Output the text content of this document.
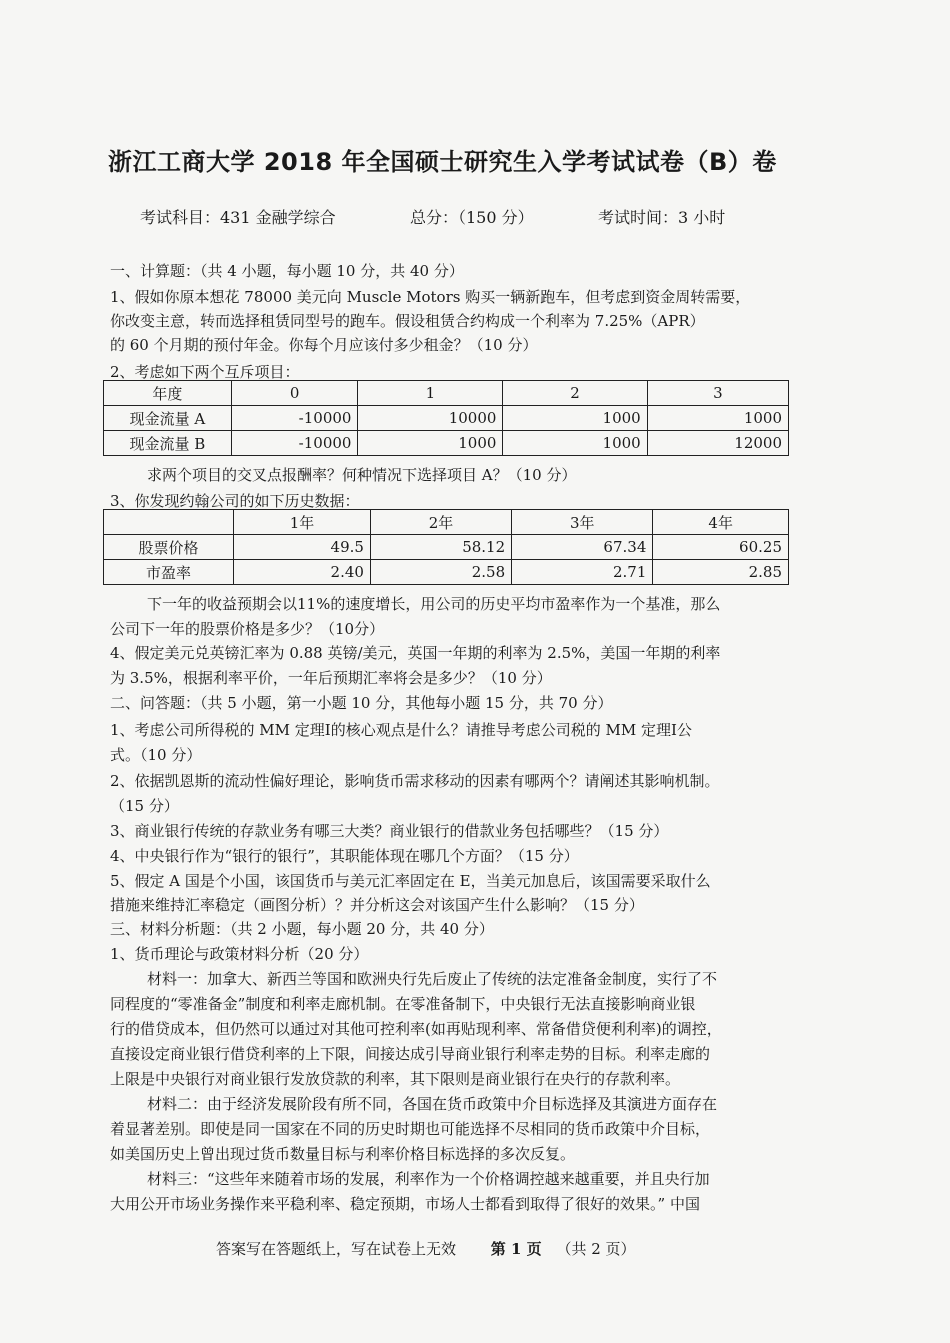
浙江工商大学 2018 年全国硕士研究生入学考试试卷（B）卷
考试科目：431 金融学综合	总分：（150 分）	考试时间：3 小时
一、计算题：（共 4 小题，每小题 10 分，共 40 分）
1、假如你原本想花 78000 美元向 Muscle Motors 购买一辆新跑车，但考虑到资金周转需要，
你改变主意，转而选择租赁同型号的跑车。假设租赁合约构成一个利率为 7.25%（APR）
的 60 个月期的预付年金。你每个月应该付多少租金？（10 分）
2、考虑如下两个互斥项目：
年度	0	1	2	3
现金流量 A	-10000	10000	1000	1000
现金流量 B	-10000	1000	1000	12000
求两个项目的交叉点报酬率？何种情况下选择项目 A？（10 分）
3、你发现约翰公司的如下历史数据：
	1年	2年	3年	4年
股票价格	49.5	58.12	67.34	60.25
市盈率	2.40	2.58	2.71	2.85
下一年的收益预期会以11%的速度增长，用公司的历史平均市盈率作为一个基准，那么
公司下一年的股票价格是多少？（10分）
4、假定美元兑英镑汇率为 0.88 英镑/美元，英国一年期的利率为 2.5%，美国一年期的利率
为 3.5%，根据利率平价，一年后预期汇率将会是多少？（10 分）
二、问答题：（共 5 小题，第一小题 10 分，其他每小题 15 分，共 70 分）
1、考虑公司所得税的 MM 定理Ⅰ的核心观点是什么？请推导考虑公司税的 MM 定理Ⅰ公
式。（10 分）
2、依据凯恩斯的流动性偏好理论，影响货币需求移动的因素有哪两个？请阐述其影响机制。
（15 分）
3、商业银行传统的存款业务有哪三大类？商业银行的借款业务包括哪些？（15 分）
4、中央银行作为“银行的银行”，其职能体现在哪几个方面？（15 分）
5、假定 A 国是个小国，该国货币与美元汇率固定在 E，当美元加息后，该国需要采取什么
措施来维持汇率稳定（画图分析）？并分析这会对该国产生什么影响？（15 分）
三、材料分析题：（共 2 小题，每小题 20 分，共 40 分）
1、货币理论与政策材料分析（20 分）
材料一：加拿大、新西兰等国和欧洲央行先后废止了传统的法定准备金制度，实行了不
同程度的“零准备金”制度和利率走廊机制。在零准备制下，中央银行无法直接影响商业银
行的借贷成本，但仍然可以通过对其他可控利率(如再贴现利率、常备借贷便利利率)的调控，
直接设定商业银行借贷利率的上下限，间接达成引导商业银行利率走势的目标。利率走廊的
上限是中央银行对商业银行发放贷款的利率，其下限则是商业银行在央行的存款利率。
材料二：由于经济发展阶段有所不同，各国在货币政策中介目标选择及其演进方面存在
着显著差别。即使是同一国家在不同的历史时期也可能选择不尽相同的货币政策中介目标，
如美国历史上曾出现过货币数量目标与利率价格目标选择的多次反复。
材料三：“这些年来随着市场的发展，利率作为一个价格调控越来越重要，并且央行加
大用公开市场业务操作来平稳利率、稳定预期，市场人士都看到取得了很好的效果。” 中国
答案写在答题纸上，写在试卷上无效 第 1 页 （共 2 页）
